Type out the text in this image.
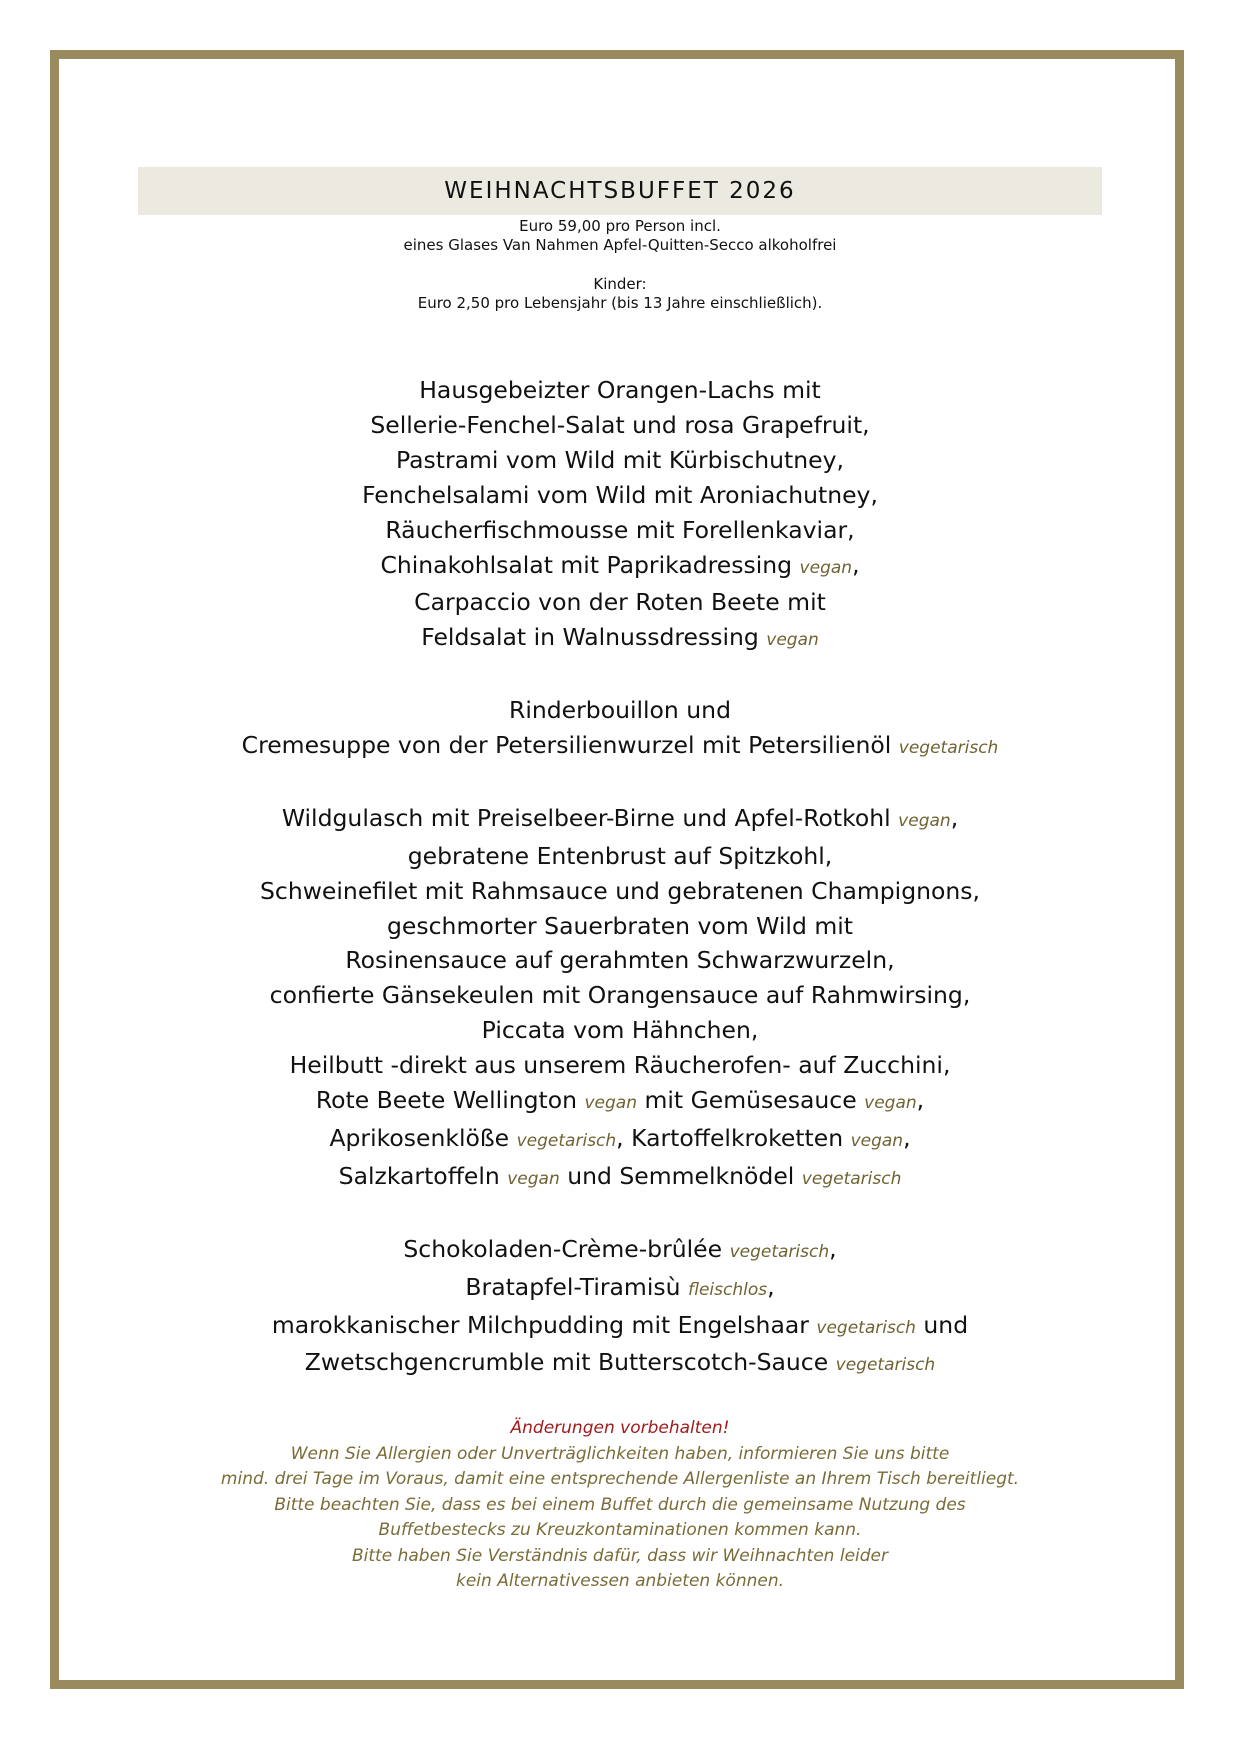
WEIHNACHTSBUFFET 2026
Euro 59,00 pro Person incl.
eines Glases Van Nahmen Apfel-Quitten-Secco alkoholfrei
Kinder:
Euro 2,50 pro Lebensjahr (bis 13 Jahre einschließlich).
Hausgebeizter Orangen-Lachs mit
Sellerie-Fenchel-Salat und rosa Grapefruit,
Pastrami vom Wild mit Kürbischutney,
Fenchelsalami vom Wild mit Aroniachutney,
Räucherfischmousse mit Forellenkaviar,
Chinakohlsalat mit Paprikadressing vegan,
Carpaccio von der Roten Beete mit
Feldsalat in Walnussdressing vegan
Rinderbouillon und
Cremesuppe von der Petersilienwurzel mit Petersilienöl vegetarisch
Wildgulasch mit Preiselbeer-Birne und Apfel-Rotkohl vegan,
gebratene Entenbrust auf Spitzkohl,
Schweinefilet mit Rahmsauce und gebratenen Champignons,
geschmorter Sauerbraten vom Wild mit
Rosinensauce auf gerahmten Schwarzwurzeln,
confierte Gänsekeulen mit Orangensauce auf Rahmwirsing,
Piccata vom Hähnchen,
Heilbutt -direkt aus unserem Räucherofen- auf Zucchini,
Rote Beete Wellington vegan mit Gemüsesauce vegan,
Aprikosenklöße vegetarisch, Kartoffelkroketten vegan,
Salzkartoffeln vegan und Semmelknödel vegetarisch
Schokoladen-Crème-brûlée vegetarisch,
Bratapfel-Tiramisù fleischlos,
marokkanischer Milchpudding mit Engelshaar vegetarisch und
Zwetschgencrumble mit Butterscotch-Sauce vegetarisch
Änderungen vorbehalten!
Wenn Sie Allergien oder Unverträglichkeiten haben, informieren Sie uns bitte
mind. drei Tage im Voraus, damit eine entsprechende Allergenliste an Ihrem Tisch bereitliegt.
Bitte beachten Sie, dass es bei einem Buffet durch die gemeinsame Nutzung des
Buffetbestecks zu Kreuzkontaminationen kommen kann.
Bitte haben Sie Verständnis dafür, dass wir Weihnachten leider
kein Alternativessen anbieten können.
